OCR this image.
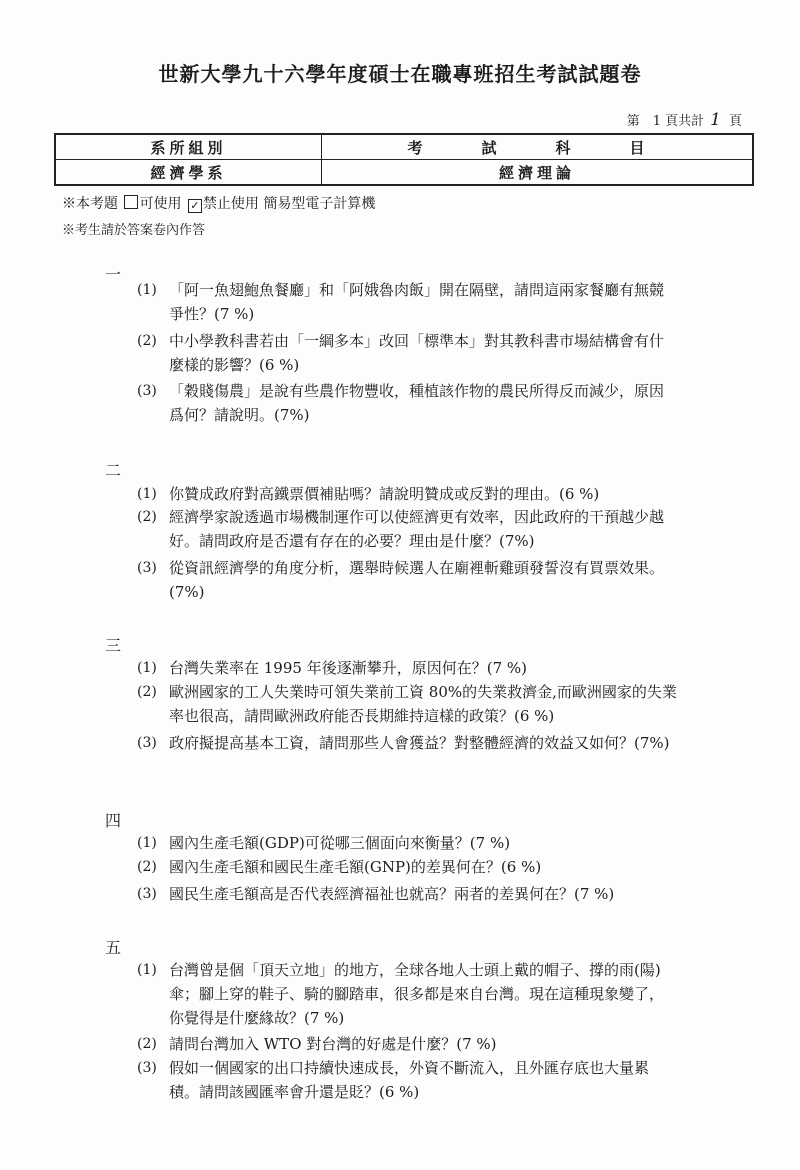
世新大學九十六學年度碩士在職專班招生考試試題卷
第　1 頁共計 1 頁
系所組別	考　試　科　目
經濟學系	經濟理論
※本考題 可使用 ✓ 禁止使用 簡易型電子計算機
※考生請於答案卷內作答
一
(1) 「阿一魚翅鮑魚餐廳」和「阿娥魯肉飯」開在隔壁，請問這兩家餐廳有無競爭性？(7 %)
(2) 中小學教科書若由「一綱多本」改回「標準本」對其教科書市場結構會有什麼樣的影響？(6 %)
(3) 「穀賤傷農」是說有些農作物豐收，種植該作物的農民所得反而減少，原因爲何？請說明。(7%)
二
(1) 你贊成政府對高鐵票價補貼嗎？請說明贊成或反對的理由。(6 %)
(2) 經濟學家說透過市場機制運作可以使經濟更有效率，因此政府的干預越少越好。請問政府是否還有存在的必要？理由是什麼？(7%)
(3) 從資訊經濟學的角度分析，選舉時候選人在廟裡斬雞頭發誓沒有買票效果。(7%)
三
(1) 台灣失業率在 1995 年後逐漸攀升，原因何在？(7 %)
(2) 歐洲國家的工人失業時可領失業前工資 80%的失業救濟金,而歐洲國家的失業率也很高，請問歐洲政府能否長期維持這樣的政策？(6 %)
(3) 政府擬提高基本工資，請問那些人會獲益？對整體經濟的效益又如何？(7%)
四
(1) 國內生產毛額(GDP)可從哪三個面向來衡量？(7 %)
(2) 國內生產毛額和國民生產毛額(GNP)的差異何在？(6 %)
(3) 國民生產毛額高是否代表經濟福祉也就高？兩者的差異何在？(7 %)
五
(1) 台灣曾是個「頂天立地」的地方，全球各地人士頭上戴的帽子、撐的雨(陽)傘；腳上穿的鞋子、騎的腳踏車，很多都是來自台灣。現在這種現象變了，你覺得是什麼緣故？(7 %)
(2) 請問台灣加入 WTO 對台灣的好處是什麼？(7 %)
(3) 假如一個國家的出口持續快速成長，外資不斷流入，且外匯存底也大量累積。請問該國匯率會升還是貶？(6 %)
